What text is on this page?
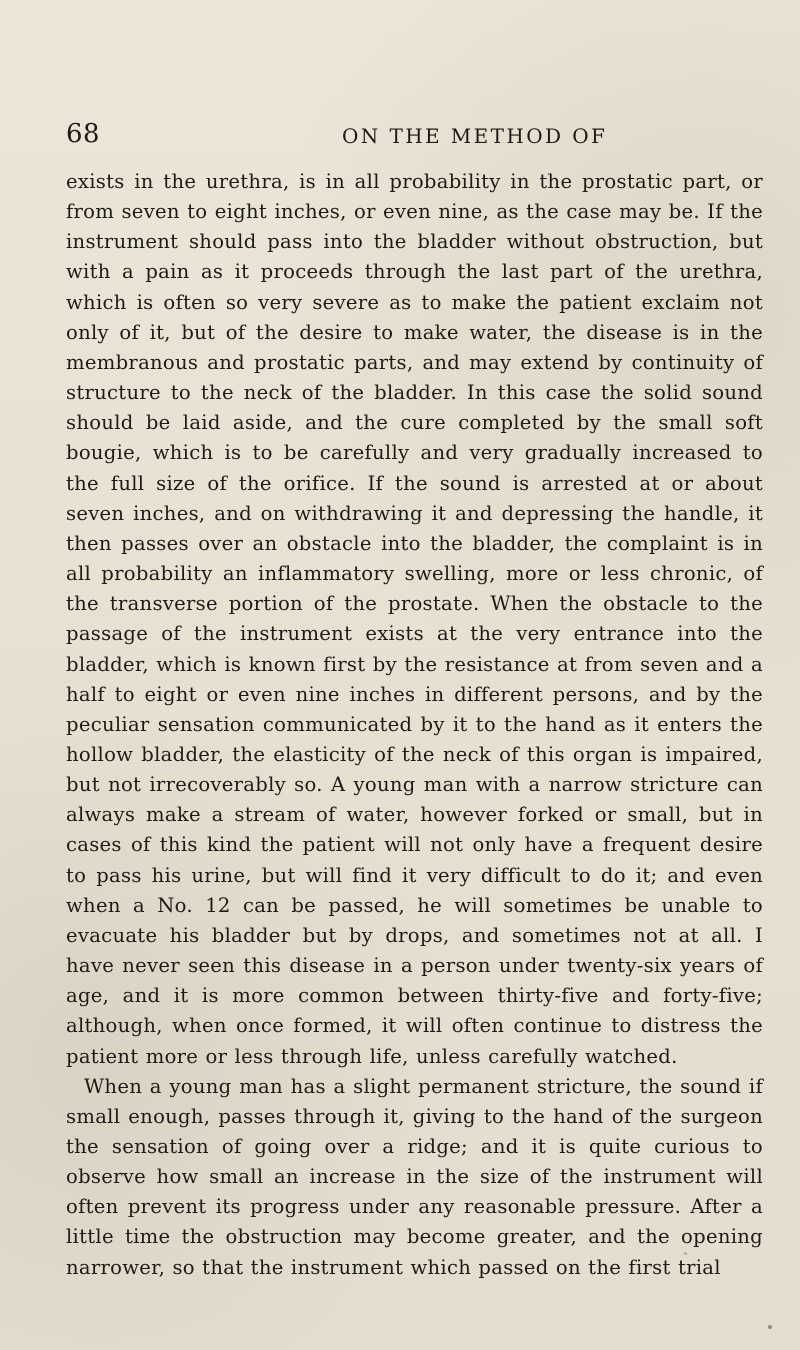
68	ON THE METHOD OF

exists in the urethra, is in all probability in the prostatic part, or from seven to eight inches, or even nine, as the case may be. If the instrument should pass into the bladder without obstruction, but with a pain as it proceeds through the last part of the urethra, which is often so very severe as to make the patient exclaim not only of it, but of the desire to make water, the disease is in the membranous and prostatic parts, and may extend by continuity of structure to the neck of the bladder. In this case the solid sound should be laid aside, and the cure completed by the small soft bougie, which is to be carefully and very gradually increased to the full size of the orifice. If the sound is arrested at or about seven inches, and on withdrawing it and depressing the handle, it then passes over an obstacle into the bladder, the complaint is in all probability an inflammatory swelling, more or less chronic, of the transverse portion of the prostate. When the obstacle to the passage of the instrument exists at the very entrance into the bladder, which is known first by the resistance at from seven and a half to eight or even nine inches in different persons, and by the peculiar sensation communicated by it to the hand as it enters the hollow bladder, the elasticity of the neck of this organ is impaired, but not irrecoverably so. A young man with a narrow stricture can always make a stream of water, however forked or small, but in cases of this kind the patient will not only have a frequent desire to pass his urine, but will find it very difficult to do it; and even when a No. 12 can be passed, he will sometimes be unable to evacuate his bladder but by drops, and sometimes not at all. I have never seen this disease in a person under twenty-six years of age, and it is more common between thirty-five and forty-five; although, when once formed, it will often continue to distress the patient more or less through life, unless carefully watched.

When a young man has a slight permanent stricture, the sound if small enough, passes through it, giving to the hand of the surgeon the sensation of going over a ridge; and it is quite curious to observe how small an increase in the size of the instrument will often prevent its progress under any reasonable pressure. After a little time the obstruction may become greater, and the opening narrower, so that the instrument which passed on the first trial
